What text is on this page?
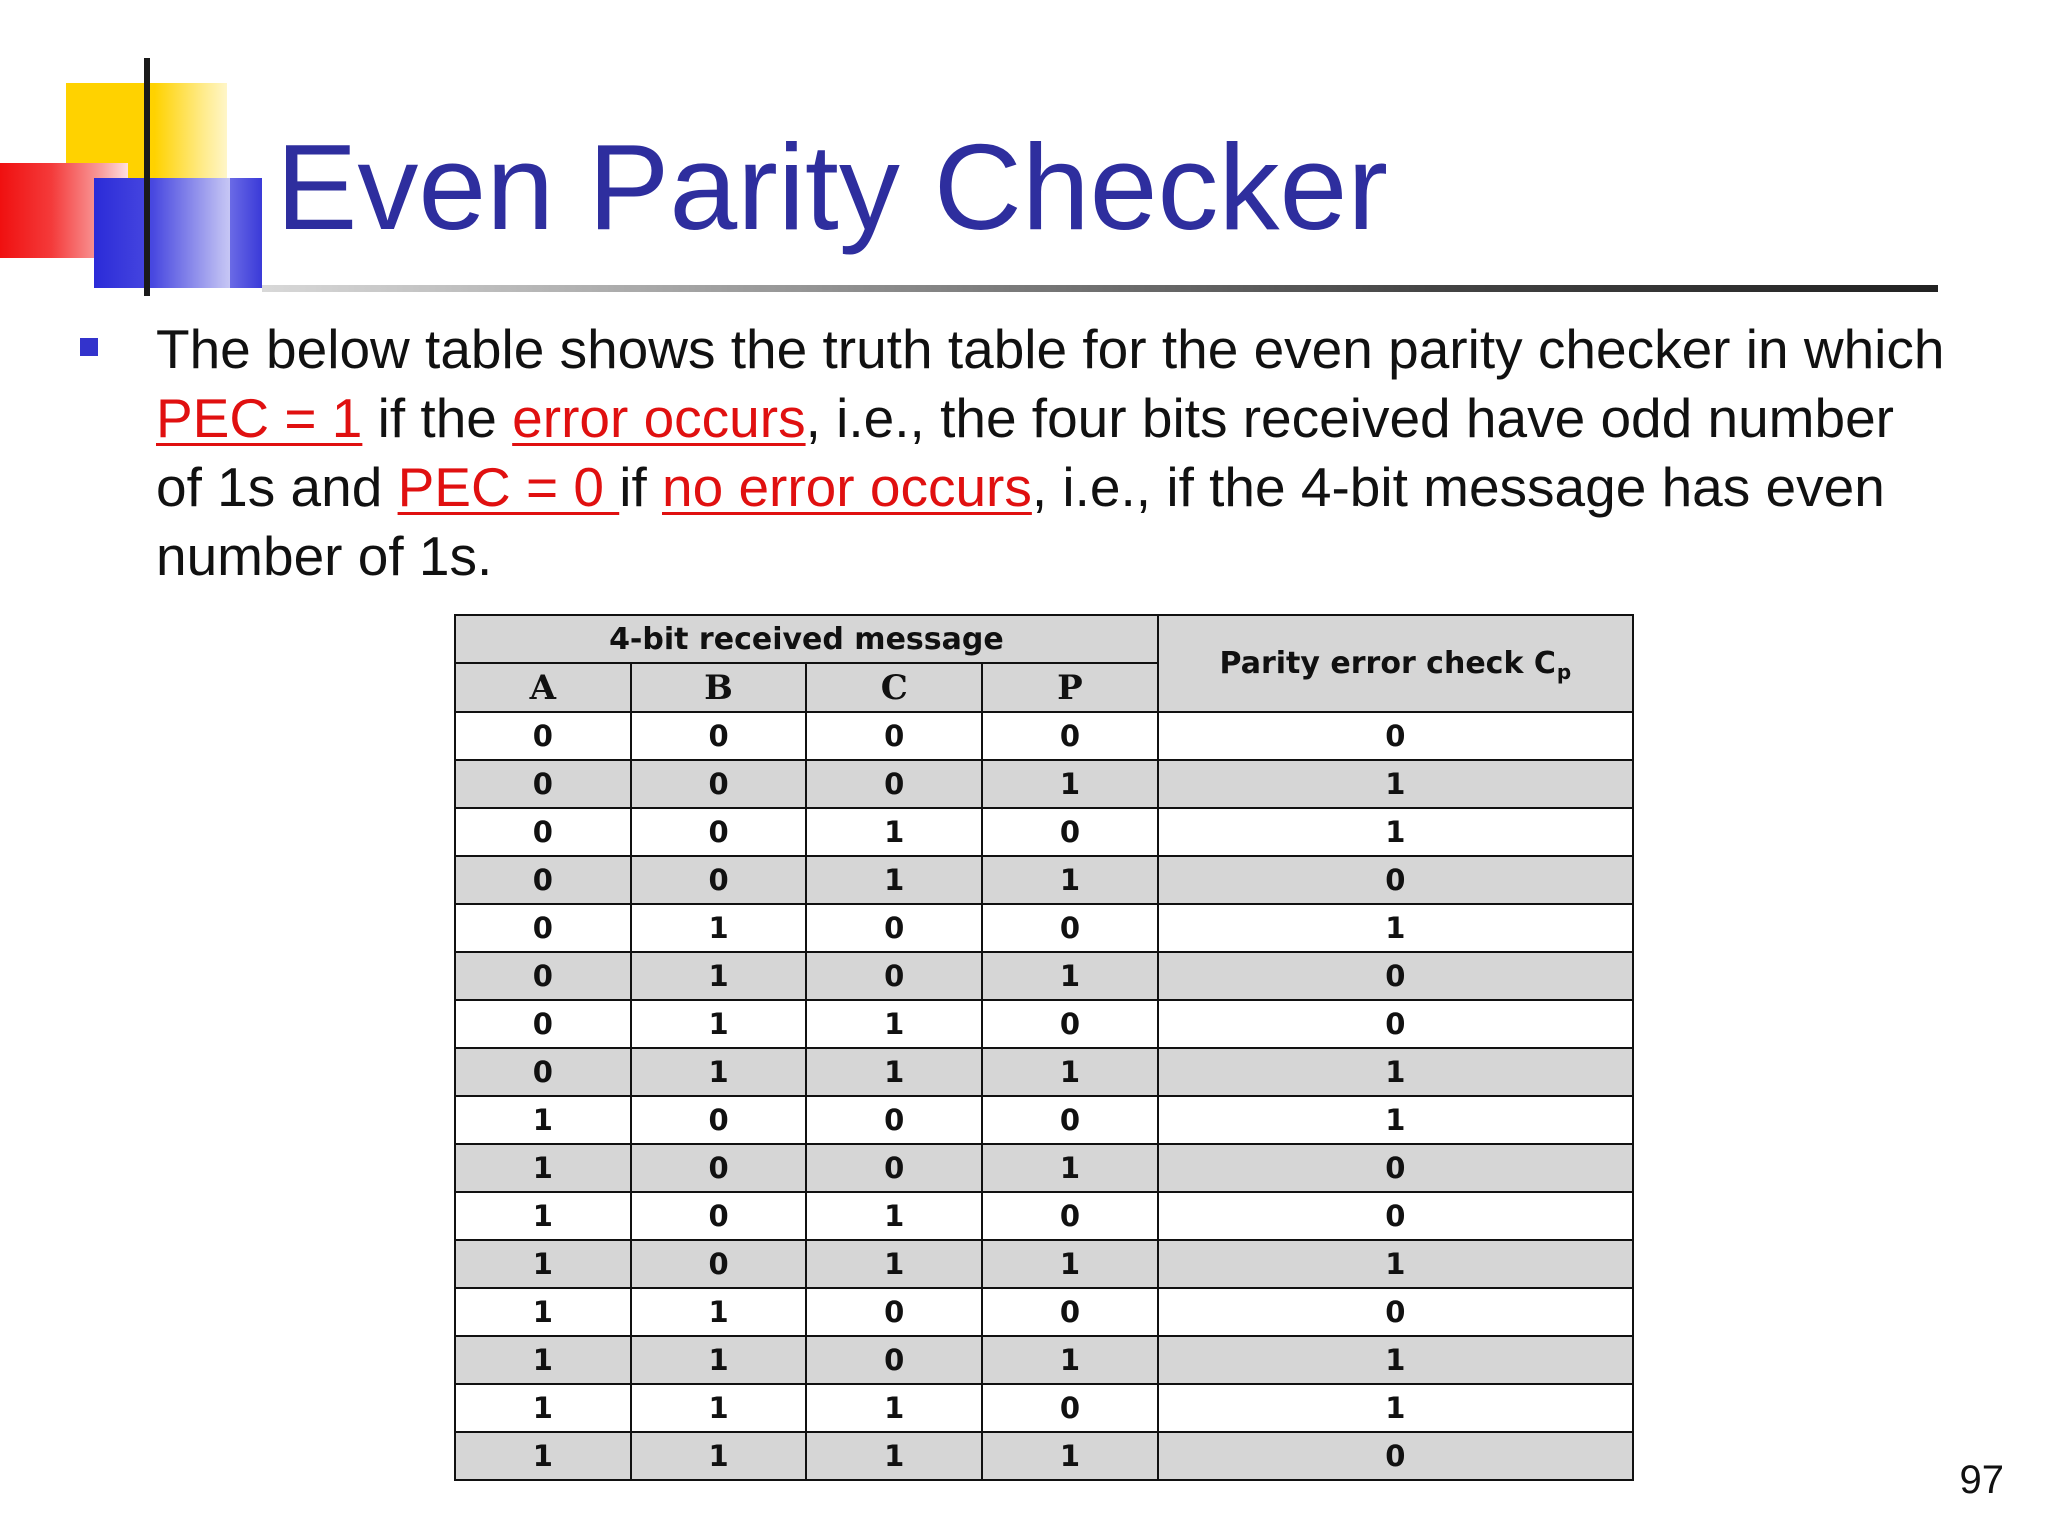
Even Parity Checker

The below table shows the truth table for the even parity checker in which PEC = 1 if the error occurs, i.e., the four bits received have odd number of 1s and PEC = 0 if no error occurs, i.e., if the 4-bit message has even number of 1s.

4-bit received message				Parity error check $C_p$
A	B	C	P	
0	0	0	0	0
0	0	0	1	1
0	0	1	0	1
0	0	1	1	0
0	1	0	0	1
0	1	0	1	0
0	1	1	0	0
0	1	1	1	1
1	0	0	0	1
1	0	0	1	0
1	0	1	0	0
1	0	1	1	1
1	1	0	0	0
1	1	0	1	1
1	1	1	0	1
1	1	1	1	0
97
